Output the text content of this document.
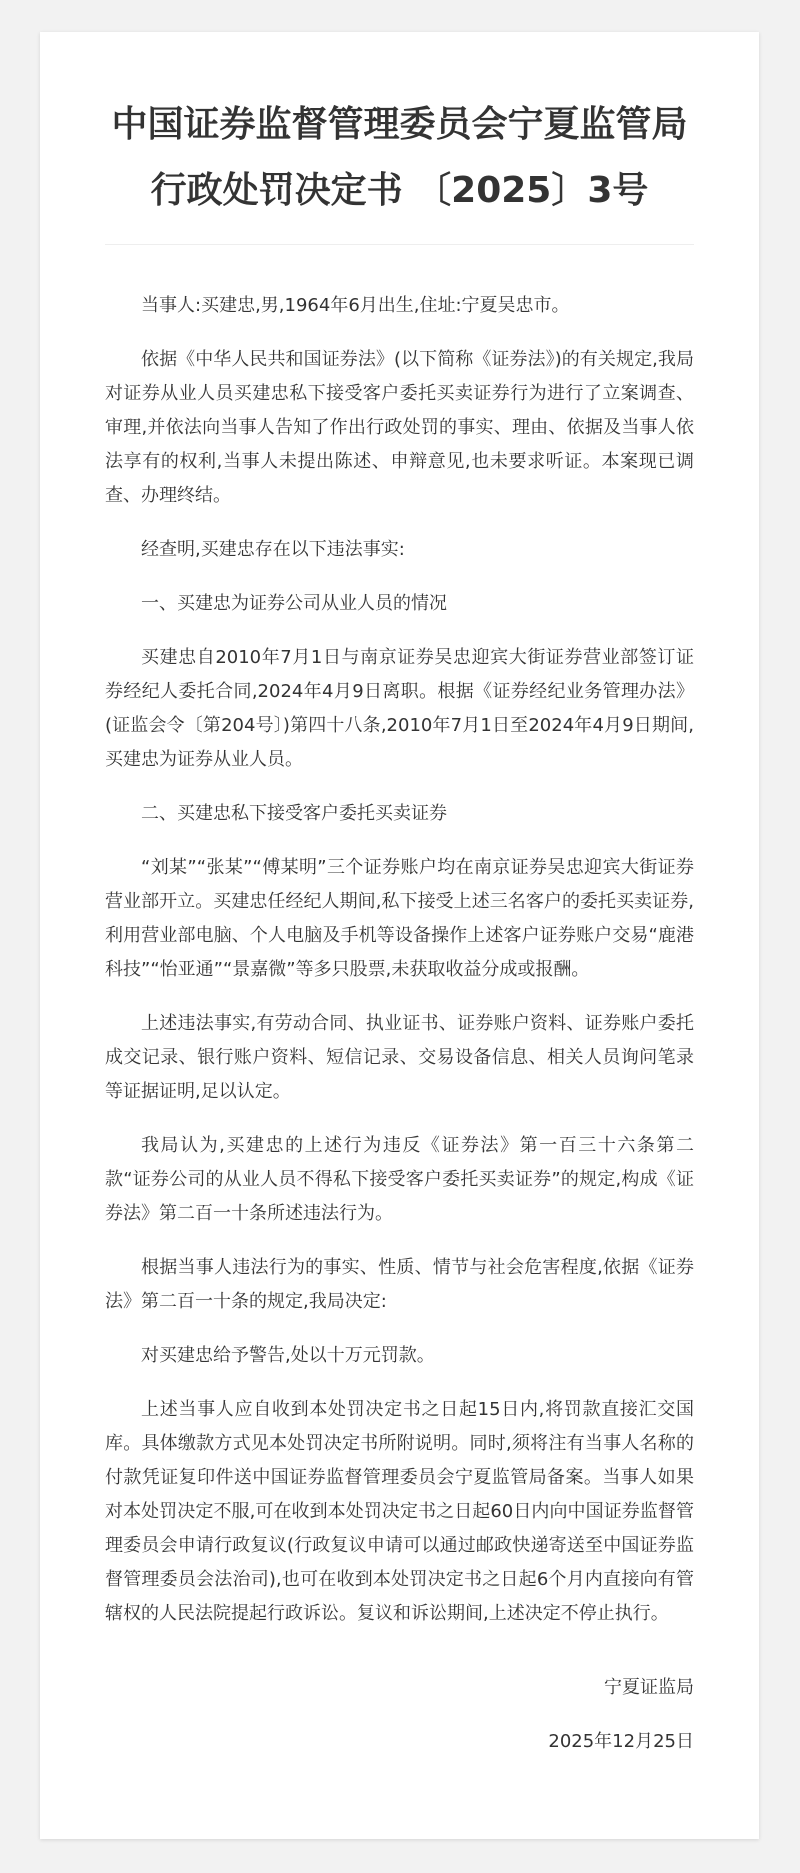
中国证券监督管理委员会宁夏监管局
行政处罚决定书 〔2025〕3号

当事人:买建忠,男,1964年6月出生,住址:宁夏吴忠市。

依据《中华人民共和国证券法》(以下简称《证券法》)的有关规定,我局对证券从业人员买建忠私下接受客户委托买卖证券行为进行了立案调查、审理,并依法向当事人告知了作出行政处罚的事实、理由、依据及当事人依法享有的权利,当事人未提出陈述、申辩意见,也未要求听证。本案现已调查、办理终结。

经查明,买建忠存在以下违法事实:

一、买建忠为证券公司从业人员的情况

买建忠自2010年7月1日与南京证券吴忠迎宾大街证券营业部签订证券经纪人委托合同,2024年4月9日离职。根据《证券经纪业务管理办法》(证监会令〔第204号〕)第四十八条,2010年7月1日至2024年4月9日期间,买建忠为证券从业人员。

二、买建忠私下接受客户委托买卖证券

“刘某”“张某”“傅某明”三个证券账户均在南京证券吴忠迎宾大街证券营业部开立。买建忠任经纪人期间,私下接受上述三名客户的委托买卖证券,利用营业部电脑、个人电脑及手机等设备操作上述客户证券账户交易“鹿港科技”“怡亚通”“景嘉微”等多只股票,未获取收益分成或报酬。

上述违法事实,有劳动合同、执业证书、证券账户资料、证券账户委托成交记录、银行账户资料、短信记录、交易设备信息、相关人员询问笔录等证据证明,足以认定。

我局认为,买建忠的上述行为违反《证券法》第一百三十六条第二款“证券公司的从业人员不得私下接受客户委托买卖证券”的规定,构成《证券法》第二百一十条所述违法行为。

根据当事人违法行为的事实、性质、情节与社会危害程度,依据《证券法》第二百一十条的规定,我局决定:

对买建忠给予警告,处以十万元罚款。

上述当事人应自收到本处罚决定书之日起15日内,将罚款直接汇交国库。具体缴款方式见本处罚决定书所附说明。同时,须将注有当事人名称的付款凭证复印件送中国证券监督管理委员会宁夏监管局备案。当事人如果对本处罚决定不服,可在收到本处罚决定书之日起60日内向中国证券监督管理委员会申请行政复议(行政复议申请可以通过邮政快递寄送至中国证券监督管理委员会法治司),也可在收到本处罚决定书之日起6个月内直接向有管辖权的人民法院提起行政诉讼。复议和诉讼期间,上述决定不停止执行。

宁夏证监局

2025年12月25日
